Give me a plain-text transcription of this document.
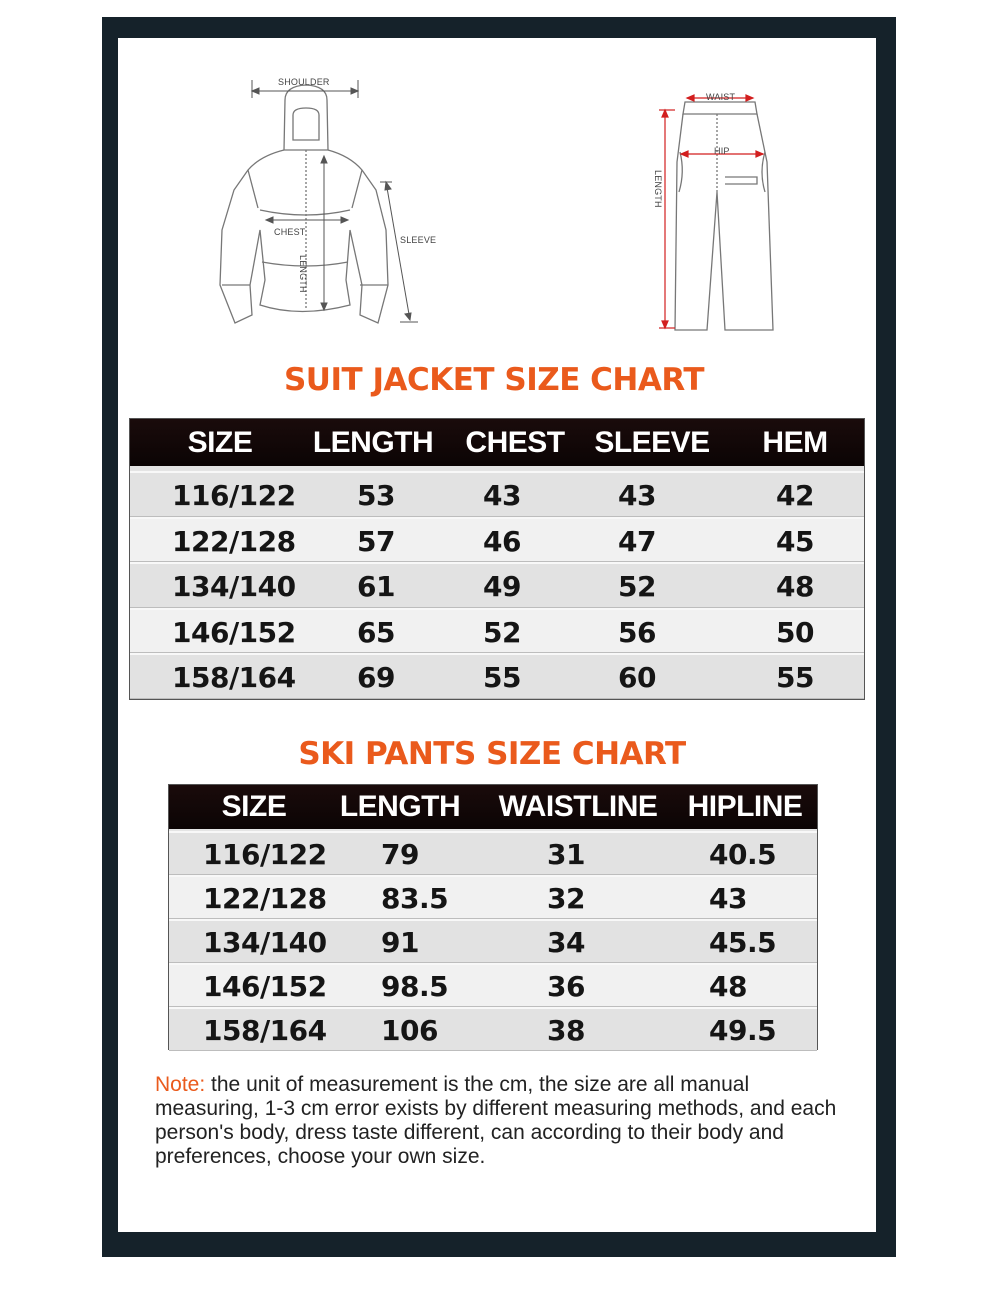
SHOULDER
CHEST
LENGTH
SLEEVE
WAIST
HIP
LENGTH
SUIT JACKET SIZE CHART
SIZE	LENGTH	CHEST SLEEVE	HEM
116/122 53	43	43	42
122/128 57	46	47	45
134/140 61	49	52	48
146/152 65	52	56	50
158/164 69	55	60	55
SKI PANTS SIZE CHART
SIZE	LENGTH WAISTLINE HIPLINE
116/122 79	31	40.5
122/128 83.5	32	43
134/140 91	34	45.5
146/152 98.5	36	48
158/164 106	38	49.5
Note: the unit of measurement is the cm, the size are all manual measuring, 1-3 cm error exists by different measuring methods, and each person's body, dress taste different, can according to their body and preferences, choose your own size.
